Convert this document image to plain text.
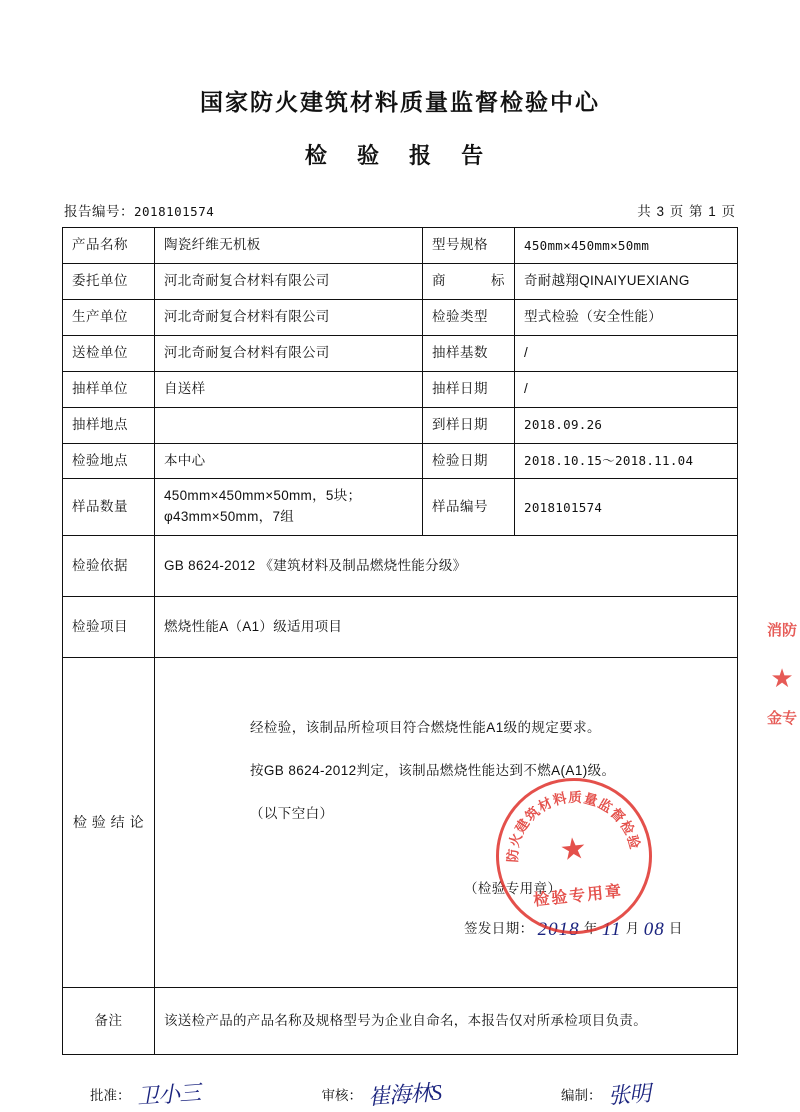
国家防火建筑材料质量监督检验中心
检 验 报 告
报告编号：2018101574	共 3 页 第 1 页
产品名称	陶瓷纤维无机板	型号规格	450mm×450mm×50mm
委托单位	河北奇耐复合材料有限公司	商 标	奇耐越翔QINAIYUEXIANG
生产单位	河北奇耐复合材料有限公司	检验类型	型式检验（安全性能）
送检单位	河北奇耐复合材料有限公司	抽样基数	/
抽样单位	自送样	抽样日期	/
抽样地点		到样日期	2018.09.26
检验地点	本中心	检验日期	2018.10.15～2018.11.04
样品数量	450mm×450mm×50mm，5块；φ43mm×50mm，7组	样品编号	2018101574
检验依据	GB 8624-2012 《建筑材料及制品燃烧性能分级》		
检验项目	燃烧性能A（A1）级适用项目		
检 验 结 论	经检验，该制品所检项目符合燃烧性能A1级的规定要求。
按GB 8624-2012判定，该制品燃烧性能达到不燃A(A1)级。
（以下空白）
（检验专用章）
签发日期： 2018 年 11 月 08 日		

备注	该送检产品的产品名称及规格型号为企业自命名，本报告仅对所承检项目负责。		
批准： 卫小三	审核： 崔海林S	编制： 张明
国家防火建筑材料质量监督检验中心
★
检验专用章
消防
★
金专
